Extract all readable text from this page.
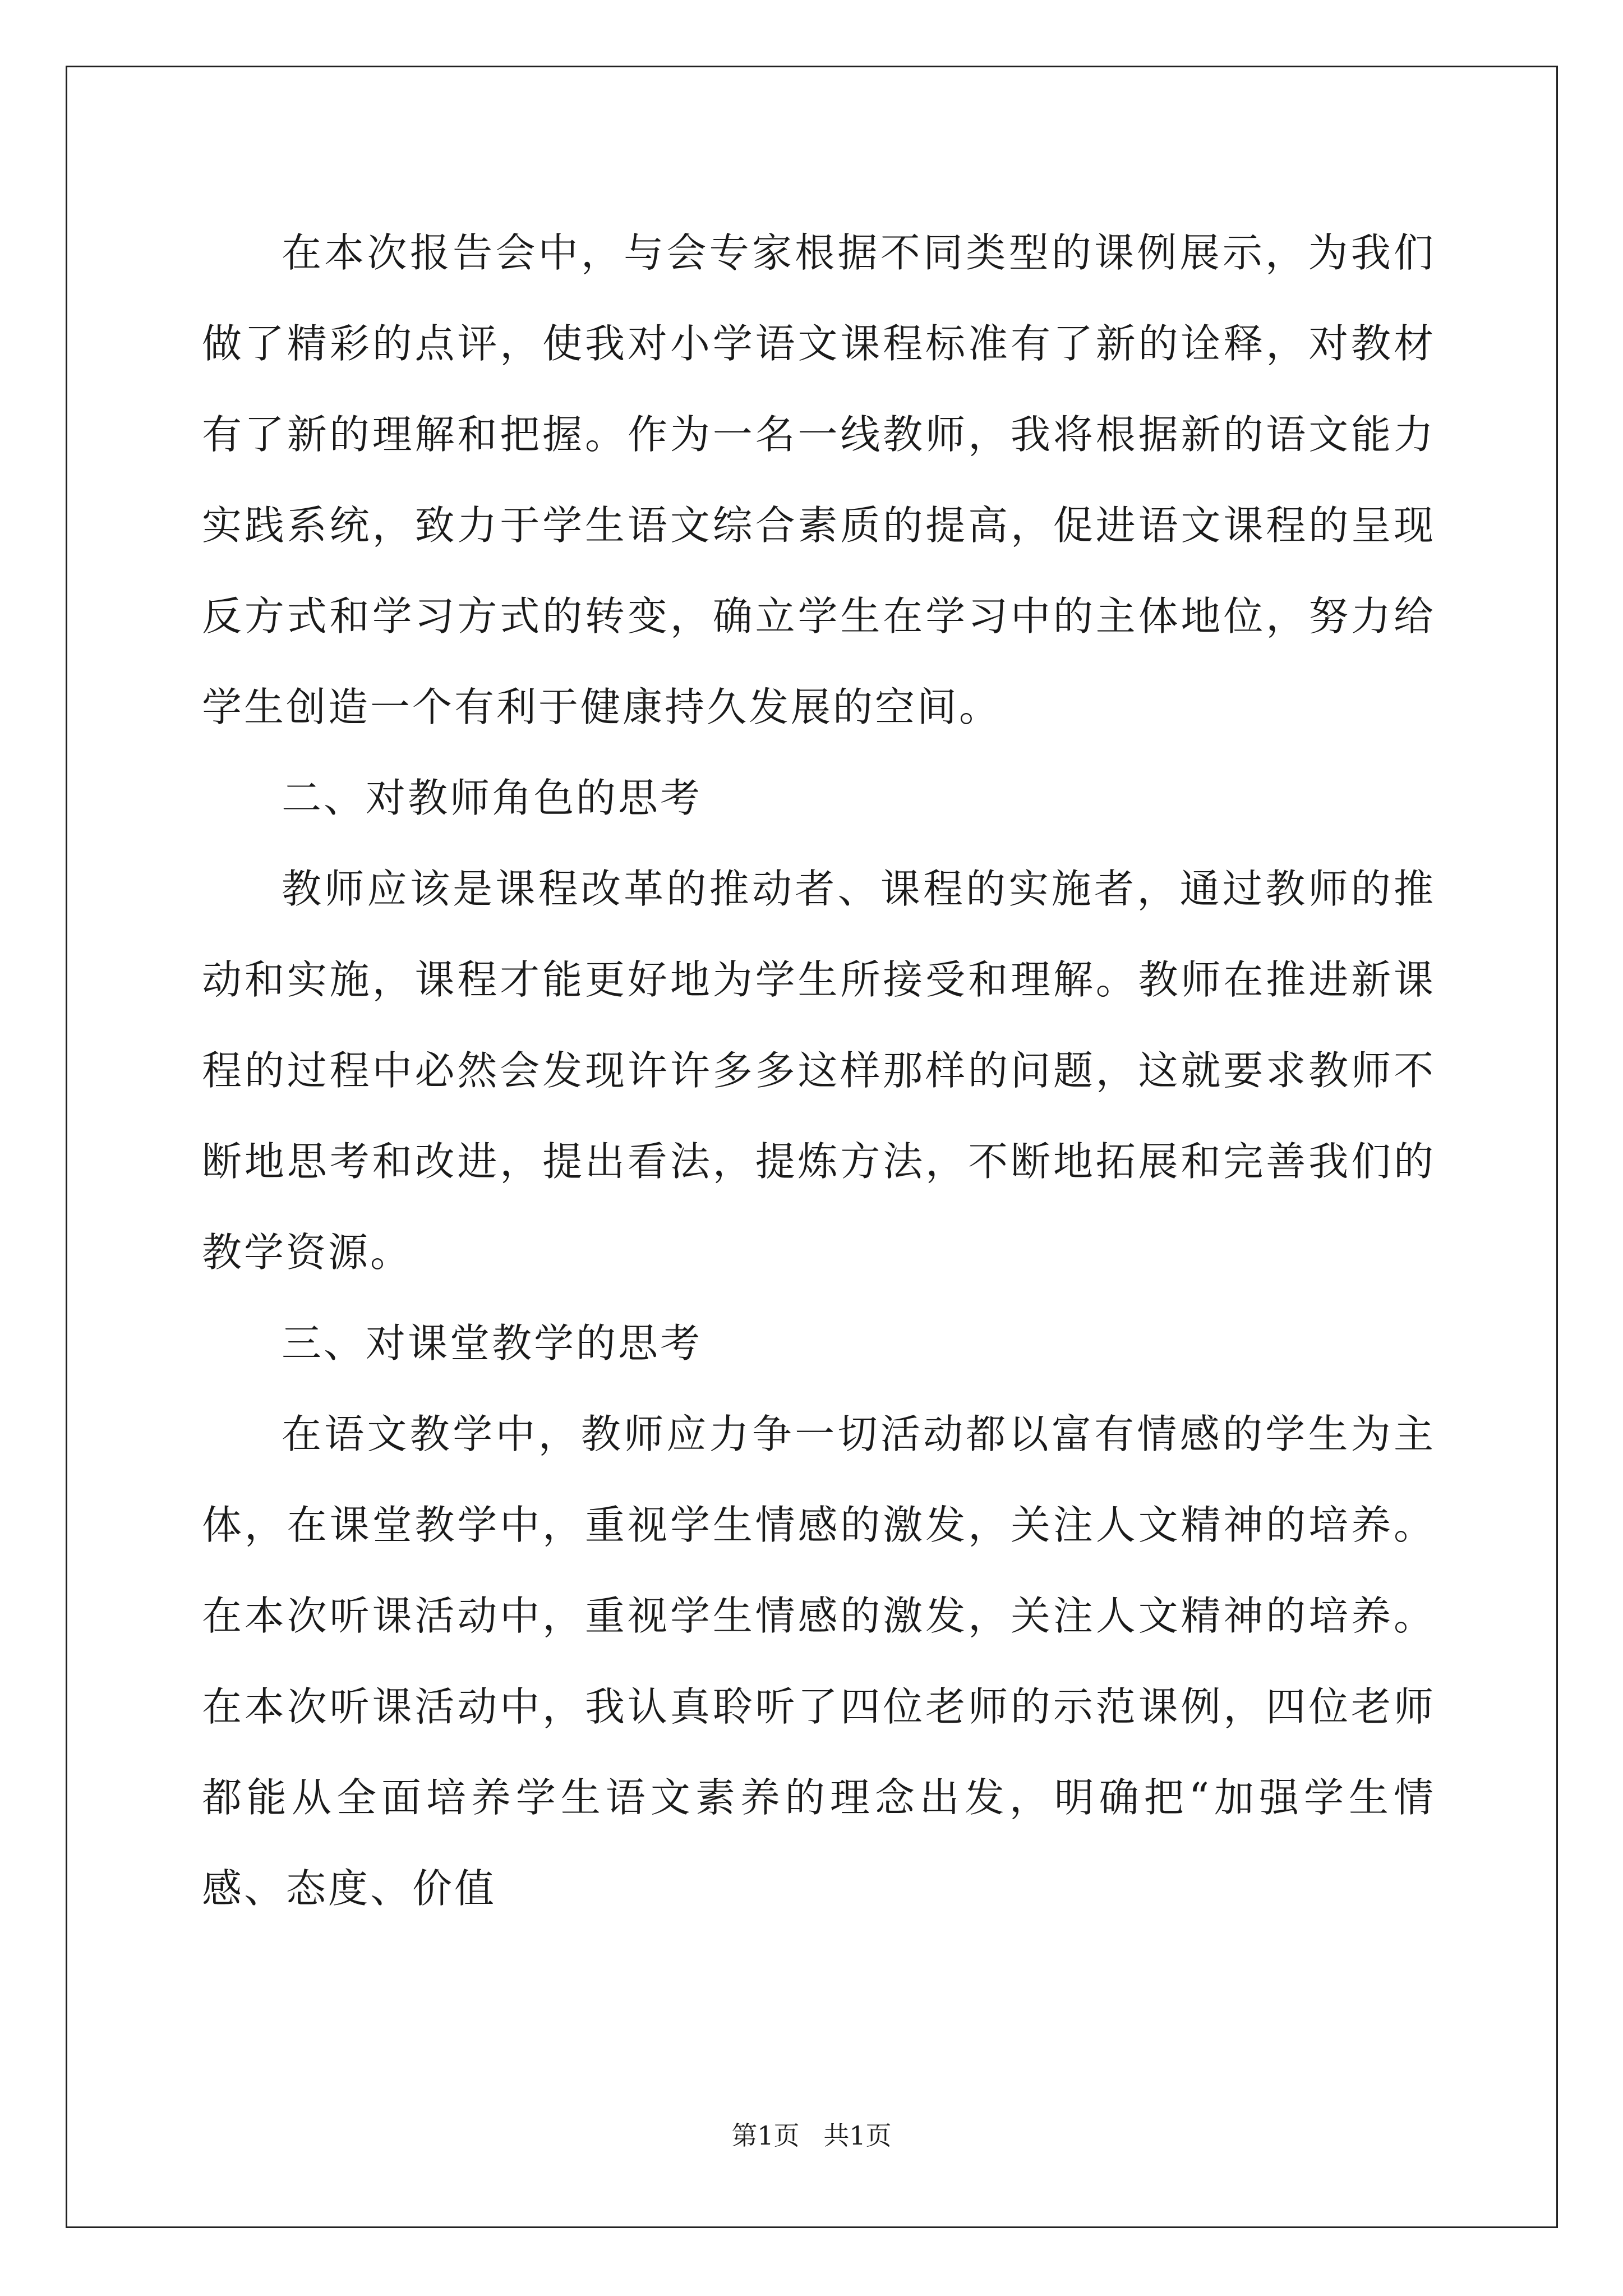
在本次报告会中，与会专家根据不同类型的课例展示，为我们做了精彩的点评，使我对小学语文课程标准有了新的诠释，对教材有了新的理解和把握。作为一名一线教师，我将根据新的语文能力实践系统，致力于学生语文综合素质的提高，促进语文课程的呈现反方式和学习方式的转变，确立学生在学习中的主体地位，努力给学生创造一个有利于健康持久发展的空间。

二、对教师角色的思考

教师应该是课程改革的推动者、课程的实施者，通过教师的推动和实施，课程才能更好地为学生所接受和理解。教师在推进新课程的过程中必然会发现许许多多这样那样的问题，这就要求教师不断地思考和改进，提出看法，提炼方法，不断地拓展和完善我们的教学资源。

三、对课堂教学的思考

在语文教学中，教师应力争一切活动都以富有情感的学生为主体，在课堂教学中，重视学生情感的激发，关注人文精神的培养。在本次听课活动中，重视学生情感的激发，关注人文精神的培养。在本次听课活动中，我认真聆听了四位老师的示范课例，四位老师都能从全面培养学生语文素养的理念出发，明确把“加强学生情感、态度、价值

第1页 共1页
